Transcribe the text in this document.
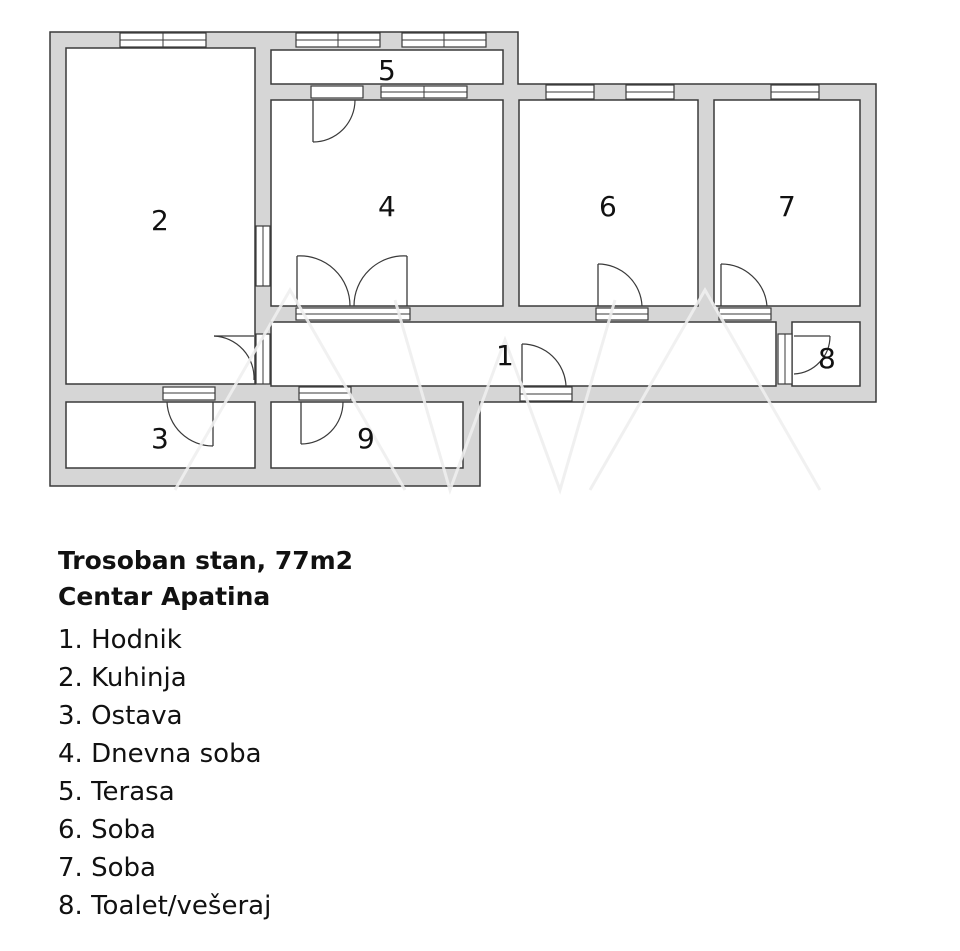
1
2
3
4
5
6	7
8
9

Trosoban stan, 77m2

Centar Apatina

1. Hodnik
2. Kuhinja
3. Ostava
4. Dnevna soba
5. Terasa
6. Soba
7. Soba
8. Toalet/vešeraj
